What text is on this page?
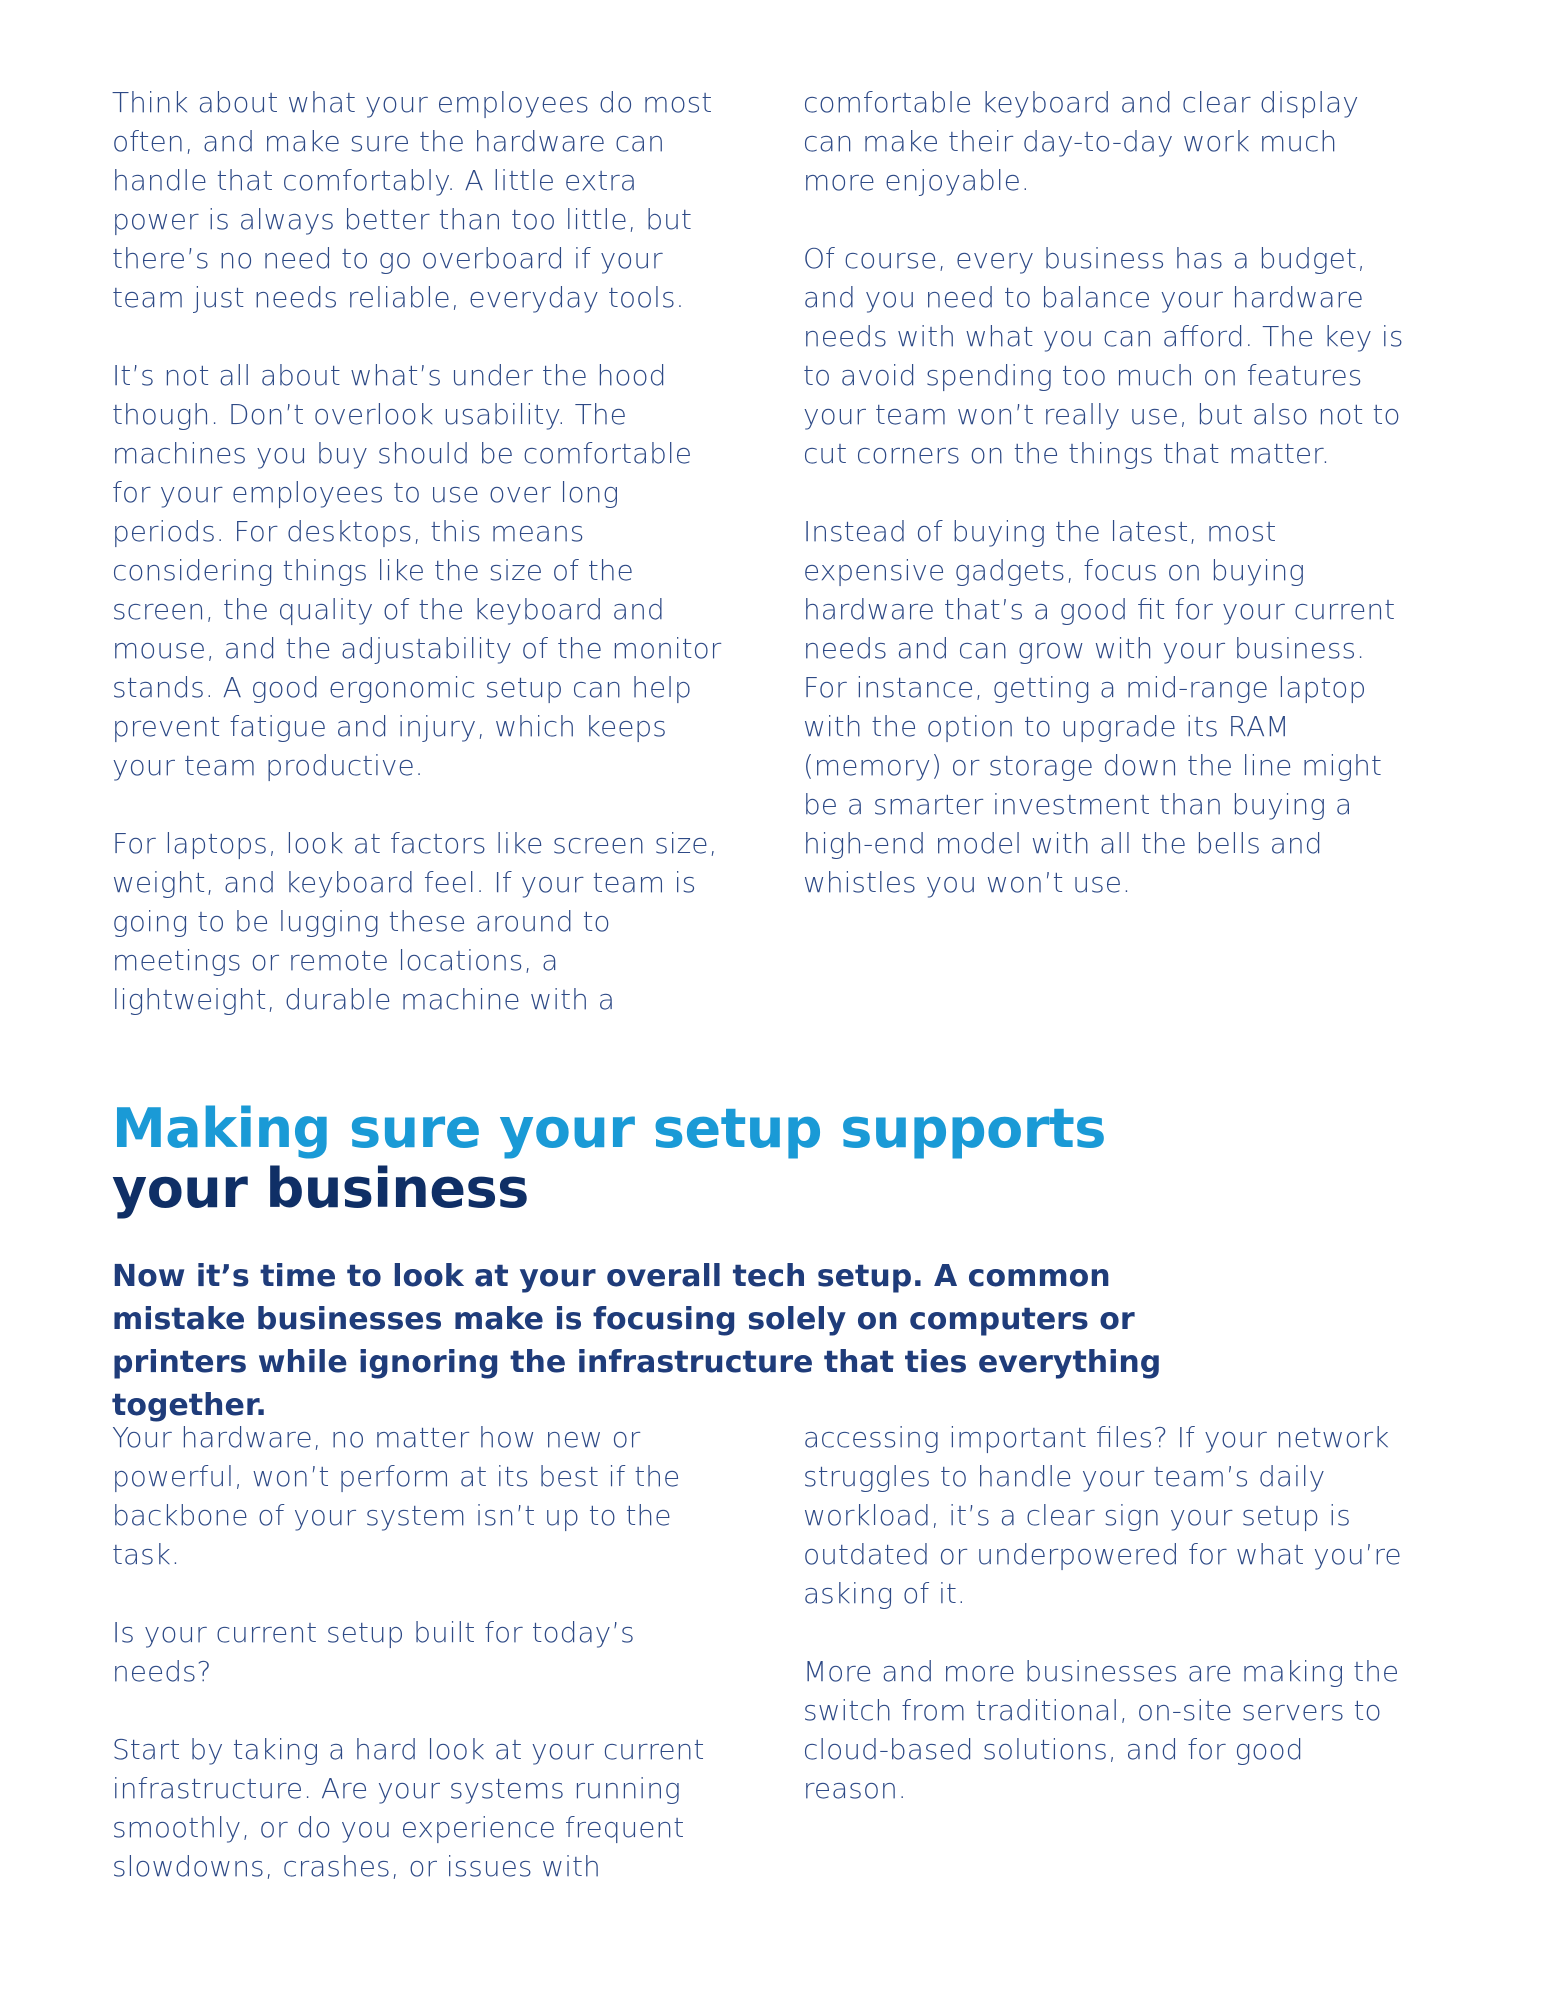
Think about what your employees do most often, and make sure the hardware can handle that comfortably. A little extra power is always better than too little, but there’s no need to go overboard if your team just needs reliable, everyday tools.

It’s not all about what’s under the hood though. Don’t overlook usability. The machines you buy should be comfortable for your employees to use over long periods. For desktops, this means considering things like the size of the screen, the quality of the keyboard and mouse, and the adjustability of the monitor stands. A good ergonomic setup can help prevent fatigue and injury, which keeps your team productive.

For laptops, look at factors like screen size, weight, and keyboard feel. If your team is going to be lugging these around to meetings or remote locations, a lightweight, durable machine with a

comfortable keyboard and clear display can make their day-to-day work much more enjoyable.

Of course, every business has a budget, and you need to balance your hardware needs with what you can afford. The key is to avoid spending too much on features your team won’t really use, but also not to cut corners on the things that matter.

Instead of buying the latest, most expensive gadgets, focus on buying hardware that’s a good fit for your current needs and can grow with your business. For instance, getting a mid-range laptop with the option to upgrade its RAM (memory) or storage down the line might be a smarter investment than buying a high-end model with all the bells and whistles you won’t use.

Making sure your setup supports
your business

Now it’s time to look at your overall tech setup. A common mistake businesses make is focusing solely on computers or printers while ignoring the infrastructure that ties everything together.

Your hardware, no matter how new or powerful, won’t perform at its best if the backbone of your system isn’t up to the task.

Is your current setup built for today’s needs?

Start by taking a hard look at your current infrastructure. Are your systems running smoothly, or do you experience frequent slowdowns, crashes, or issues with

accessing important files? If your network struggles to handle your team’s daily workload, it’s a clear sign your setup is outdated or underpowered for what you’re asking of it.

More and more businesses are making the switch from traditional, on-site servers to cloud-based solutions, and for good reason.
